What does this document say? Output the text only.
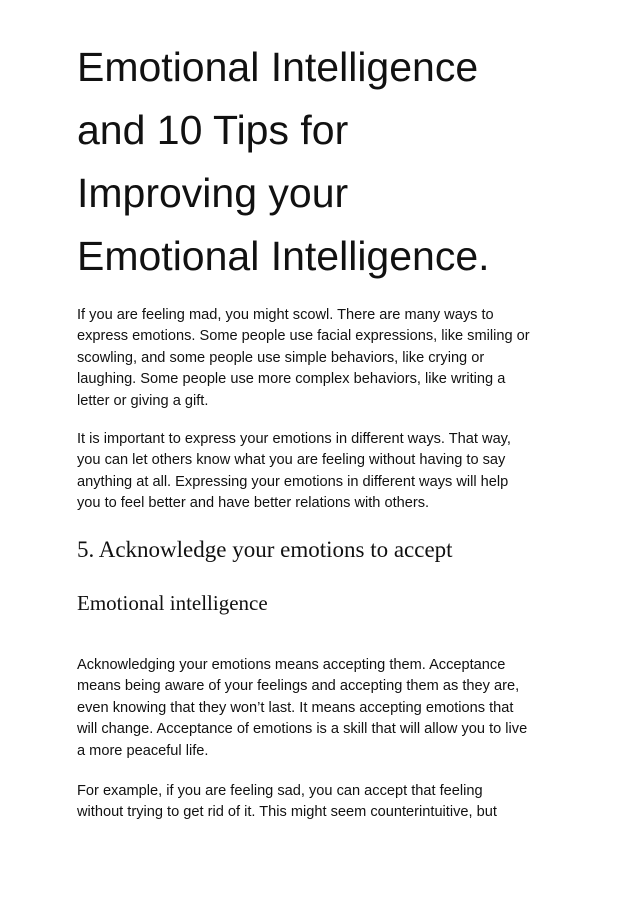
Emotional Intelligence
and 10 Tips for
Improving your
Emotional Intelligence.

If you are feeling mad, you might scowl. There are many ways to
express emotions. Some people use facial expressions, like smiling or
scowling, and some people use simple behaviors, like crying or
laughing. Some people use more complex behaviors, like writing a
letter or giving a gift.

It is important to express your emotions in different ways. That way,
you can let others know what you are feeling without having to say
anything at all. Expressing your emotions in different ways will help
you to feel better and have better relations with others.

5. Acknowledge your emotions to accept
Emotional intelligence

Acknowledging your emotions means accepting them. Acceptance
means being aware of your feelings and accepting them as they are,
even knowing that they won’t last. It means accepting emotions that
will change. Acceptance of emotions is a skill that will allow you to live
a more peaceful life.

For example, if you are feeling sad, you can accept that feeling
without trying to get rid of it. This might seem counterintuitive, but
